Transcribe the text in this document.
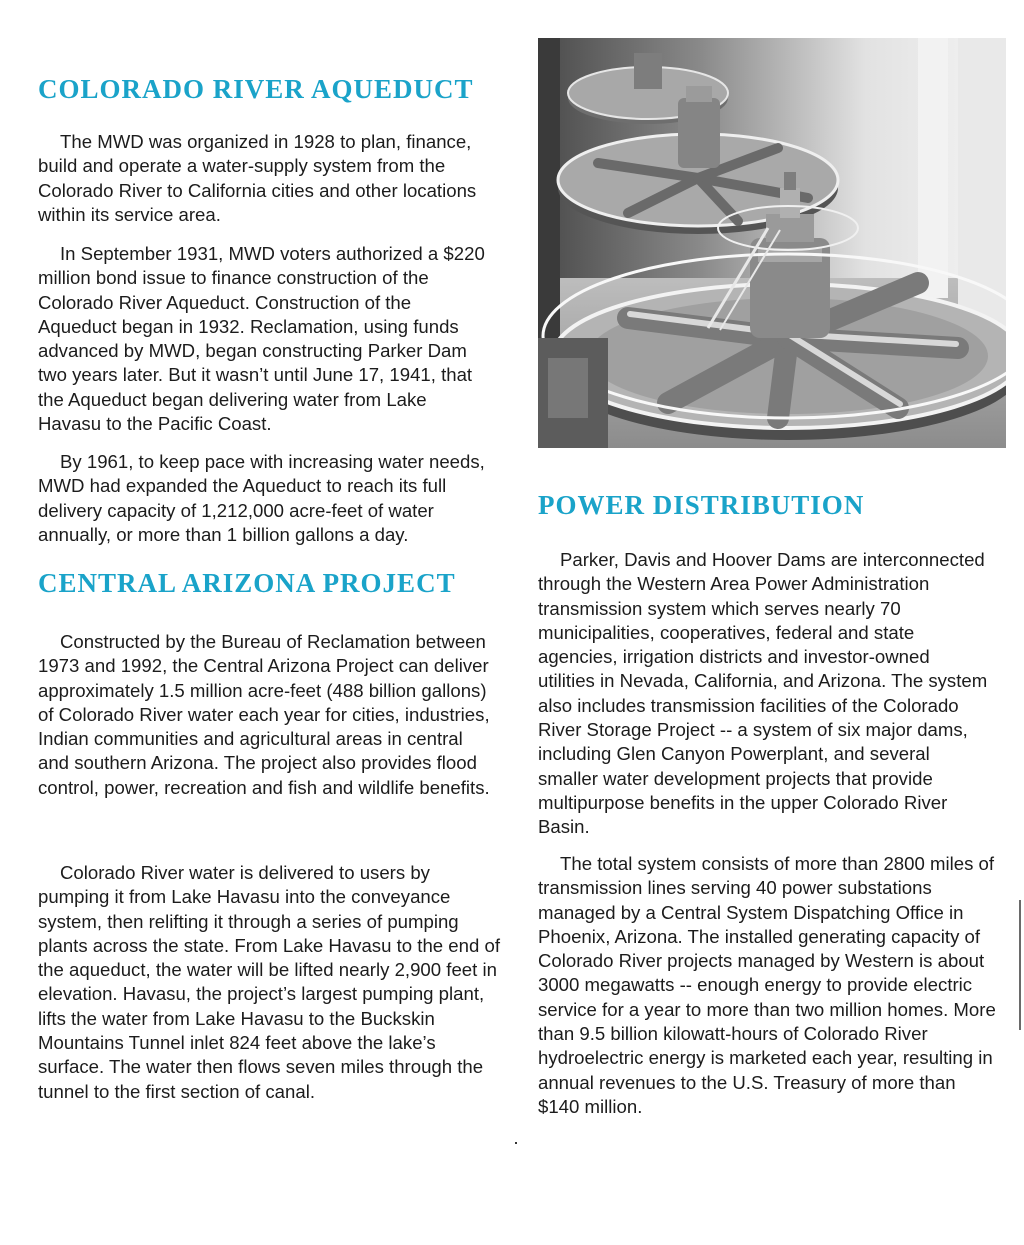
COLORADO RIVER AQUEDUCT

The MWD was organized in 1928 to plan, finance, build and operate a water-supply system from the Colorado River to California cities and other locations within its service area.

In September 1931, MWD voters authorized a $220 million bond issue to finance construction of the Colorado River Aqueduct. Construction of the Aqueduct began in 1932. Reclamation, using funds advanced by MWD, began constructing Parker Dam two years later. But it wasn’t until June 17, 1941, that the Aqueduct began delivering water from Lake Havasu to the Pacific Coast.

By 1961, to keep pace with increasing water needs, MWD had expanded the Aqueduct to reach its full delivery capacity of 1,212,000 acre-feet of water annually, or more than 1 billion gallons a day.

CENTRAL ARIZONA PROJECT

Constructed by the Bureau of Reclamation between 1973 and 1992, the Central Arizona Project can deliver approximately 1.5 million acre-feet (488 billion gallons) of Colorado River water each year for cities, industries, Indian communities and agricultural areas in central and southern Arizona. The project also provides flood control, power, recreation and fish and wildlife benefits.

Colorado River water is delivered to users by pumping it from Lake Havasu into the conveyance system, then relifting it through a series of pumping plants across the state. From Lake Havasu to the end of the aqueduct, the water will be lifted nearly 2,900 feet in elevation. Havasu, the project’s largest pumping plant, lifts the water from Lake Havasu to the Buckskin Mountains Tunnel inlet 824 feet above the lake’s surface. The water then flows seven miles through the tunnel to the first section of canal.

POWER DISTRIBUTION

Parker, Davis and Hoover Dams are interconnected through the Western Area Power Administration transmission system which serves nearly 70 municipalities, cooperatives, federal and state agencies, irrigation districts and investor-owned utilities in Nevada, California, and Arizona. The system also includes transmission facilities of the Colorado River Storage Project -- a system of six major dams, including Glen Canyon Powerplant, and several smaller water development projects that provide multipurpose benefits in the upper Colorado River Basin.

The total system consists of more than 2800 miles of transmission lines serving 40 power substations managed by a Central System Dispatching Office in Phoenix, Arizona. The installed generating capacity of Colorado River projects managed by Western is about 3000 megawatts -- enough energy to provide electric service for a year to more than two million homes. More than 9.5 billion kilowatt-hours of Colorado River hydroelectric energy is marketed each year, resulting in annual revenues to the U.S. Treasury of more than $140 million.
